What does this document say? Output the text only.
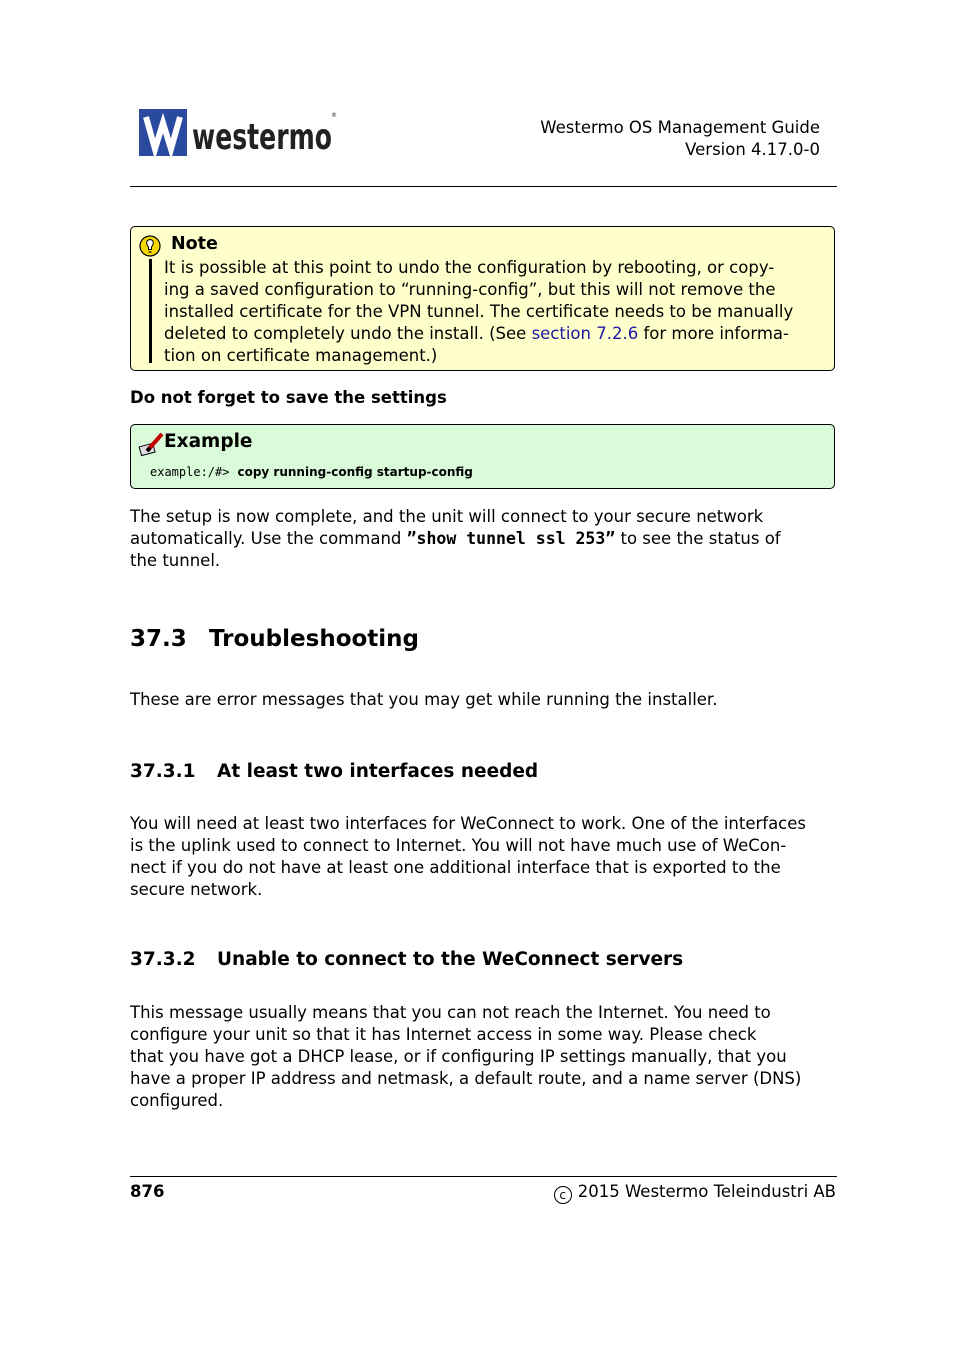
westermo
®
Westermo OS Management Guide
Version 4.17.0-0
Note
It is possible at this point to undo the configuration by rebooting, or copy-
ing a saved configuration to “running-config”, but this will not remove the
installed certificate for the VPN tunnel. The certificate needs to be manually
deleted to completely undo the install. (See section 7.2.6 for more informa-
tion on certificate management.)
Do not forget to save the settings
Example
example:/#> copy running-config startup-config
The setup is now complete, and the unit will connect to your secure network
automatically. Use the command ”show tunnel ssl 253” to see the status of
the tunnel.
37.3 Troubleshooting
These are error messages that you may get while running the installer.
37.3.1 At least two interfaces needed
You will need at least two interfaces for WeConnect to work. One of the interfaces
is the uplink used to connect to Internet. You will not have much use of WeCon-
nect if you do not have at least one additional interface that is exported to the
secure network.
37.3.2 Unable to connect to the WeConnect servers
This message usually means that you can not reach the Internet. You need to
configure your unit so that it has Internet access in some way. Please check
that you have got a DHCP lease, or if configuring IP settings manually, that you
have a proper IP address and netmask, a default route, and a name server (DNS)
configured.
876	c 2015 Westermo Teleindustri AB
